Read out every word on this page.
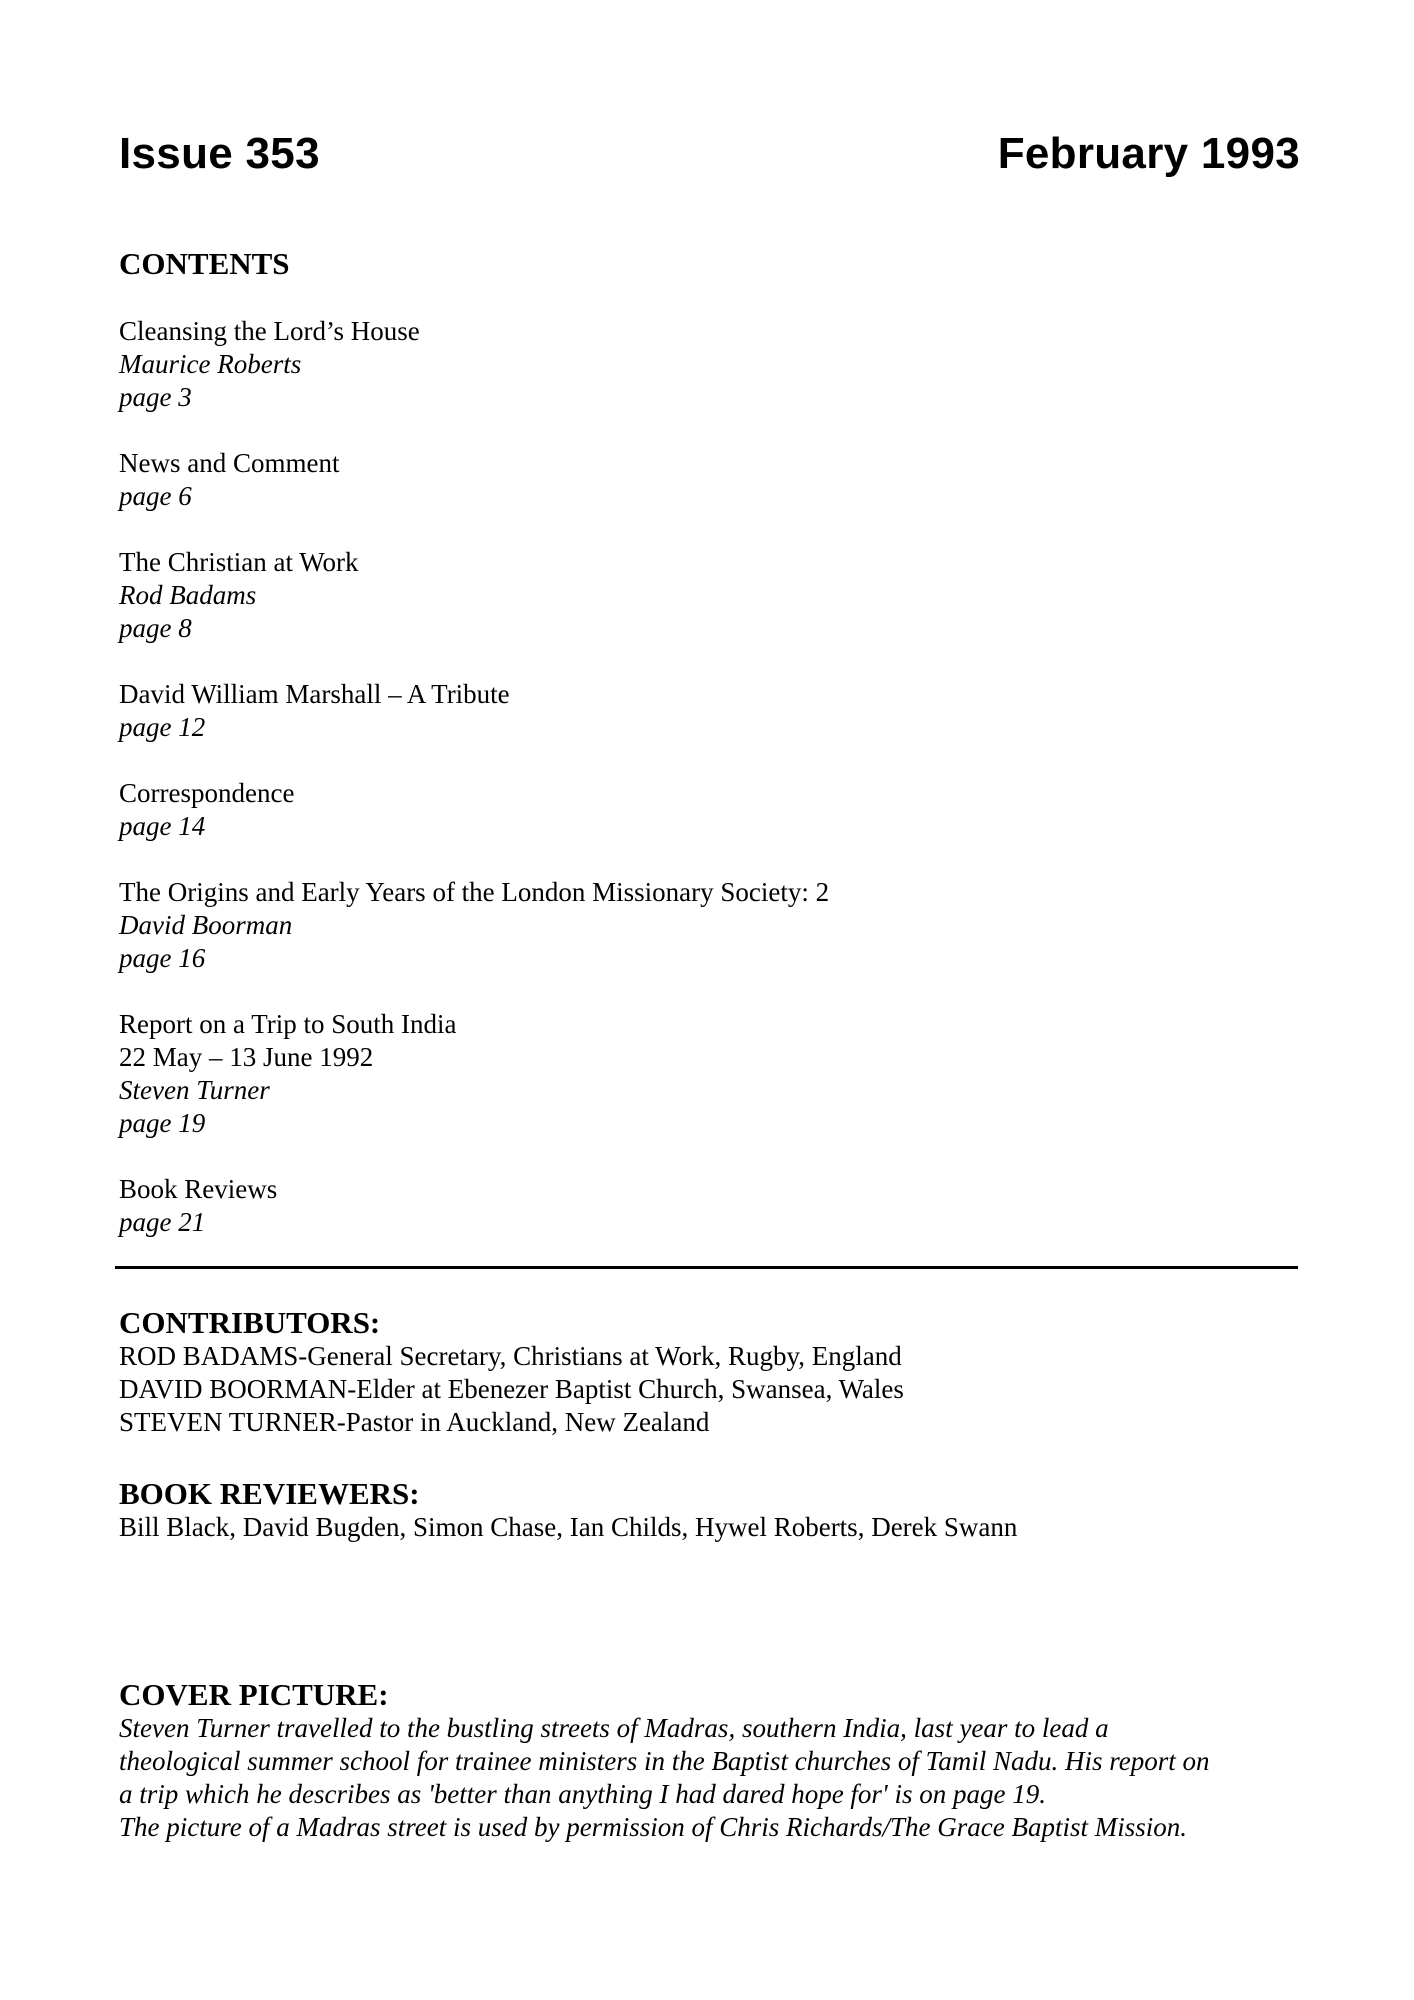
Issue 353	February 1993
CONTENTS
Cleansing the Lord’s House
Maurice Roberts
page 3
News and Comment
page 6
The Christian at Work
Rod Badams
page 8
David William Marshall – A Tribute
page 12
Correspondence
page 14
The Origins and Early Years of the London Missionary Society: 2
David Boorman
page 16
Report on a Trip to South India
22 May – 13 June 1992
Steven Turner
page 19
Book Reviews
page 21
CONTRIBUTORS:
ROD BADAMS-General Secretary, Christians at Work, Rugby, England
DAVID BOORMAN-Elder at Ebenezer Baptist Church, Swansea, Wales
STEVEN TURNER-Pastor in Auckland, New Zealand
BOOK REVIEWERS:
Bill Black, David Bugden, Simon Chase, Ian Childs, Hywel Roberts, Derek Swann
COVER PICTURE:
Steven Turner travelled to the bustling streets of Madras, southern India, last year to lead a
theological summer school for trainee ministers in the Baptist churches of Tamil Nadu. His report on
a trip which he describes as 'better than anything I had dared hope for' is on page 19.
The picture of a Madras street is used by permission of Chris Richards/The Grace Baptist Mission.
